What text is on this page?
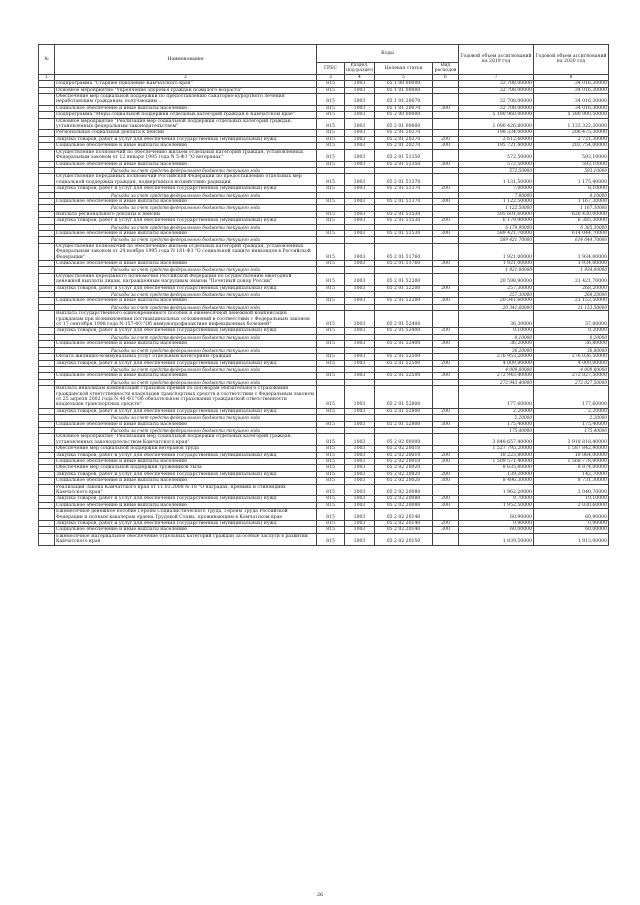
№	Наименование	Коды				Годовой объем ассигнований на 2019 год	Годовой объем ассигнований на 2020 год
		ГРБС	Раздел, под-раздел	Целевая статья	Вид расходов		
1	2	3	4	5	6	7	8
	Подпрограмма "Старшее поколение Камчатского края"	815	1003	05 1 00 00000		32 708,00000	34 016,30000
	Основное мероприятие "Укрепление здоровья граждан пожилого возраста"	815	1003	05 1 01 00000		32 708,00000	34 016,30000
	Обеспечение мер социальной поддержки по предоставлению санаторно-курортного лечения неработающим гражданам, получающим ...	815	1003	05 1 01 20070		32 708,00000	34 016,30000
	Социальное обеспечение и иные выплаты населению	815	1003	05 1 01 20070	300	32 708,00000	34 016,30000
	Подпрограмма "Меры социальной поддержки отдельных категорий граждан в Камчатском крае"	815	1003	05 2 00 00000		5 180 960,00000	5 380 900,50000
	Основное мероприятие "Реализация мер социальной поддержки отдельных категорий граждан, установленных федеральным законодательством"	815	1003	05 2 01 00000		1 090 426,80000	1 133 322,30000
	Региональная социальная доплата к пенсии	815	1003	05 2 01 20270		198 334,00000	206 475,30000
	Закупка товаров, работ и услуг для обеспечения государственных (муниципальных) нужд	815	1003	05 2 01 20270	200	2 612,60000	2 721,30000
	Социальное обеспечение и иные выплаты населению	815	1003	05 2 01 20270	300	195 721,40000	203 754,00000
	Осуществление полномочий по обеспечению жильем отдельных категорий граждан, установленных Федеральным законом от 12 января 1995 года N 5-ФЗ "О ветеранах"	815	1003	05 2 01 51350		572,50000	593,10000
	Социальное обеспечение и иные выплаты населению	815	1003	05 2 01 51350	300	572,50000	593,10000
	Расходы за счет средств федерального бюджета текущего года					572,50000	593,10000
	Осуществление переданных полномочий Российской Федерации по предоставлению отдельных мер социальной поддержки граждан, подвергшихся воздействию радиации	815	1003	05 2 01 51370		1 131,50000	1 175,40000
	Закупка товаров, работ и услуг для обеспечения государственных (муниципальных) нужд	815	1003	05 2 01 51370	200	7,00000	8,10000
	Расходы за счет средств федерального бюджета текущего года					7,00000	8,10000
	Социальное обеспечение и иные выплаты населению	815	1003	05 2 01 51370	300	1 122,50000	1 167,30000
	Расходы за счет средств федерального бюджета текущего года					1 122,50000	1 167,30000
	Выплата регионального доплаты к пенсии	815	1003	05 2 01 51530		595 601,60000	620 430,00000
	Закупка товаров, работ и услуг для обеспечения государственных (муниципальных) нужд	815	1003	05 2 01 51530	200	6 179,90000	6 385,30000
	Расходы за счет средств федерального бюджета текущего года					6 179,90000	6 385,30000
	Социальное обеспечение и иные выплаты населению	815	1003	05 2 01 51530	300	589 421,70000	614 044,70000
	Расходы за счет средств федерального бюджета текущего года					589 421,70000	614 044,70000
	Осуществление полномочий по обеспечению жильем отдельных категорий граждан, установленных Федеральным законом от 24 ноября 1995 года N 181-ФЗ "О социальной защите инвалидов в Российской Федерации"	815	1003	05 2 01 51760		1 921,00000	1 934,00000
	Социальное обеспечение и иные выплаты населению	815	1003	05 2 01 51760	300	1 921,00000	1 934,00000
	Расходы за счет средств федерального бюджета текущего года					1 921,00000	1 934,00000
	Осуществление переданного полномочия Российской Федерации по осуществлению ежегодной денежной выплаты лицам, награжденным нагрудным знаком "Почетный донор России"	815	1003	05 2 01 52200		20 598,90000	21 421,70000
	Закупка товаров, работ и услуг для обеспечения государственных (муниципальных) нужд	815	1003	05 2 01 52200	200	257,30000	268,20000
	Расходы за счет средств федерального бюджета текущего года					257,30000	268,20000
	Социальное обеспечение и иные выплаты населению	815	1003	05 2 01 52200	300	20 341,60000	21 153,50000
	Расходы за счет средств федерального бюджета текущего года					20 341,60000	21 153,50000
	Выплата государственного единовременного пособия и ежемесячной денежной компенсации гражданам при возникновении поствакцинальных осложнений в соответствии с Федеральным законом от 17 сентября 1998 года N 157-ФЗ "Об иммунопрофилактике инфекционных болезней"	815	1003	05 2 01 52400		36,30000	37,00000
	Закупка товаров, работ и услуг для обеспечения государственных (муниципальных) нужд	815	1003	05 2 01 52400	200	0,10000	0,20000
	Расходы за счет средств федерального бюджета текущего года					0,10000	0,20000
	Социальное обеспечение и иные выплаты населению	815	1003	05 2 01 52400	300	36,20000	36,80000
	Расходы за счет средств федерального бюджета текущего года					36,20000	36,80000
	Оплата жилищно-коммунальных услуг отдельным категориям граждан	815	1003	05 2 01 52500		276 953,20000	276 036,50000
	Закупка товаров, работ и услуг для обеспечения государственных (муниципальных) нужд	815	1003	05 2 01 52500	200	4 009,80000	4 009,00000
	Расходы за счет средств федерального бюджета текущего года					4 009,80000	4 009,00000
	Социальное обеспечение и иные выплаты населению	815	1003	05 2 01 52500	300	272 943,40000	272 027,50000
	Расходы за счет средств федерального бюджета текущего года					272 943,40000	272 027,50000
	Выплата инвалидам компенсаций страховых премий по договорам обязательного страхования гражданской ответственности владельцев транспортных средств в соответствии с Федеральным законом от 25 апреля 2002 года N 40-ФЗ "Об обязательном страховании гражданской ответственности владельцев транспортных средств"	815	1003	05 2 01 52800		177,60000	177,60000
	Закупка товаров, работ и услуг для обеспечения государственных (муниципальных) нужд	815	1003	05 2 01 52800	200	2,20000	2,20000
	Расходы за счет средств федерального бюджета текущего года					2,20000	2,20000
	Социальное обеспечение и иные выплаты населению	815	1003	05 2 01 52800	300	175,40000	175,40000
	Расходы за счет средств федерального бюджета текущего года					175,40000	175,40000
	Основное мероприятие "Реализация мер социальной поддержки отдельных категорий граждан, установленных законодательством Камчатского края"	815	1003	05 2 02 00000		3 848 657,40000	3 918 818,40000
	Обеспечение мер социальной поддержки ветеранов труда	815	1003	05 2 02 20010		1 527 795,20000	1 587 842,90000
	Закупка товаров, работ и услуг для обеспечения государственных (муниципальных) нужд	815	1003	05 2 02 20010	200	18 223,80000	19 064,00000
	Социальное обеспечение и иные выплаты населению	815	1003	05 2 02 20010	300	1 509 571,40000	1 568 778,90000
	Обеспечение мер социальной поддержки тружеников тыла	815	1003	05 2 02 20020		8 635,80000	8 874,00000
	Закупка товаров, работ и услуг для обеспечения государственных (муниципальных) нужд	815	1003	05 2 02 20020	200	139,20000	142,70000
	Социальное обеспечение и иные выплаты населению	815	1003	05 2 02 20020	300	8 496,30000	8 731,30000
	Реализация Закона Камчатского края от 11.03.2008 № 18 "О наградах, премиях и стипендиях Камчатского края"	815	1003	05 2 02 20080		1 962,20000	2 040,70000
	Закупка товаров, работ и услуг для обеспечения государственных (муниципальных) нужд	815	1003	05 2 02 20080	200	9,70000	10,10000
	Социальное обеспечение и иные выплаты населению	815	1003	05 2 02 20080	300	1 952,50000	2 030,60000
	Ежемесячное денежное пособие Героям Социалистического Труда, Героям Труда Российской Федерации и полным кавалерам ордена Трудовой Славы, проживающим в Камчатском крае	815	1003	05 2 02 20140		60,90000	60,90000
	Закупка товаров, работ и услуг для обеспечения государственных (муниципальных) нужд	815	1003	05 2 02 20140	200	0,90000	0,90000
	Социальное обеспечение и иные выплаты населению	815	1003	05 2 02 20140	300	60,00000	60,00000
	Ежемесячное материальное обеспечение отдельных категорий граждан за особые заслуги в развитии Камчатского края	815	1003	05 2 02 20150		1 839,50000	1 913,00000
26
